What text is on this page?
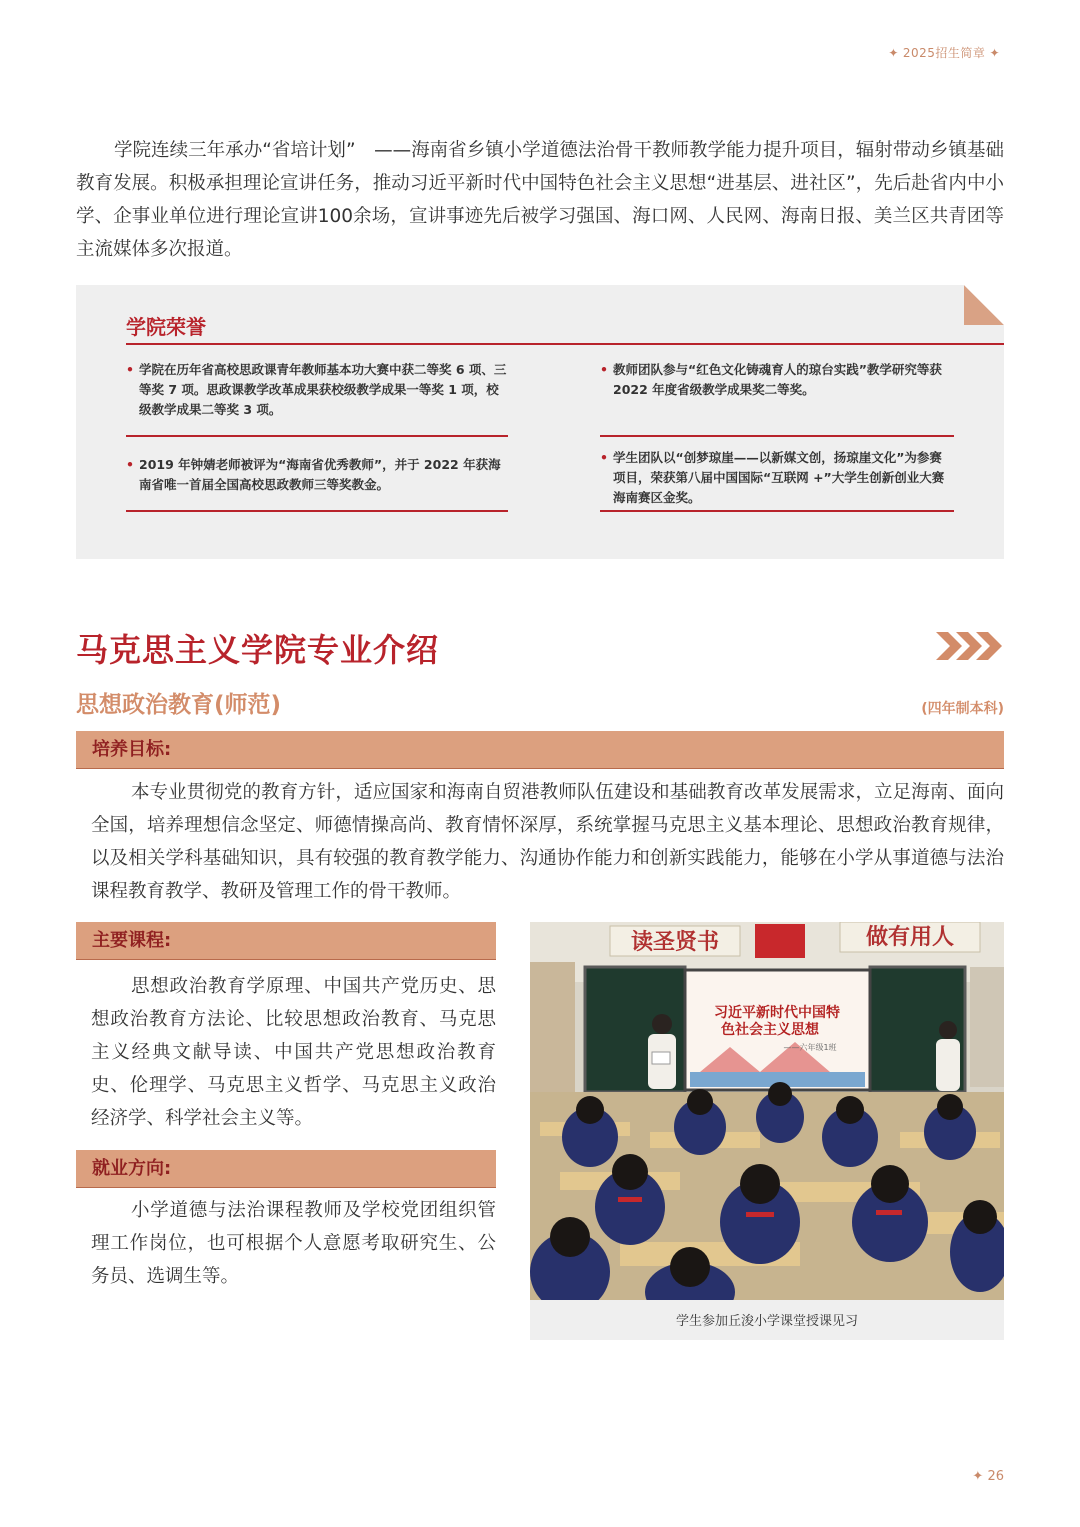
✦ 2025招生简章 ✦

学院连续三年承办“省培计划”　——海南省乡镇小学道德法治骨干教师教学能力提升项目，辐射带动乡镇基础教育发展。积极承担理论宣讲任务，推动习近平新时代中国特色社会主义思想“进基层、进社区”，先后赴省内中小学、企事业单位进行理论宣讲100余场，宣讲事迹先后被学习强国、海口网、人民网、海南日报、美兰区共青团等主流媒体多次报道。

学院荣誉
• 学院在历年省高校思政课青年教师基本功大赛中获二等奖 6 项、三等奖 7 项。思政课教学改革成果获校级教学成果一等奖 1 项，校级教学成果二等奖 3 项。
• 教师团队参与“红色文化铸魂育人的琼台实践”教学研究等获 2022 年度省级教学成果奖二等奖。
• 2019 年钟婧老师被评为“海南省优秀教师”，并于 2022 年获海南省唯一首届全国高校思政教师三等奖教金。
• 学生团队以“创梦琼崖——以新媒文创，扬琼崖文化”为参赛项目，荣获第八届中国国际“互联网 +”大学生创新创业大赛海南赛区金奖。
马克思主义学院专业介绍
思想政治教育(师范)	(四年制本科)
培养目标:

本专业贯彻党的教育方针，适应国家和海南自贸港教师队伍建设和基础教育改革发展需求，立足海南、面向全国，培养理想信念坚定、师德情操高尚、教育情怀深厚，系统掌握马克思主义基本理论、思想政治教育规律，以及相关学科基础知识，具有较强的教育教学能力、沟通协作能力和创新实践能力，能够在小学从事道德与法治课程教育教学、教研及管理工作的骨干教师。

主要课程:

思想政治教育学原理、中国共产党历史、思想政治教育方法论、比较思想政治教育、马克思主义经典文献导读、中国共产党思想政治教育史、伦理学、马克思主义哲学、马克思主义政治经济学、科学社会主义等。

就业方向:

小学道德与法治课程教师及学校党团组织管理工作岗位，也可根据个人意愿考取研究生、公务员、选调生等。

读圣贤书	做有用人
习近平新时代中国特
色社会主义思想
——六年级1班
学生参加丘浚小学课堂授课见习
✦ 26
